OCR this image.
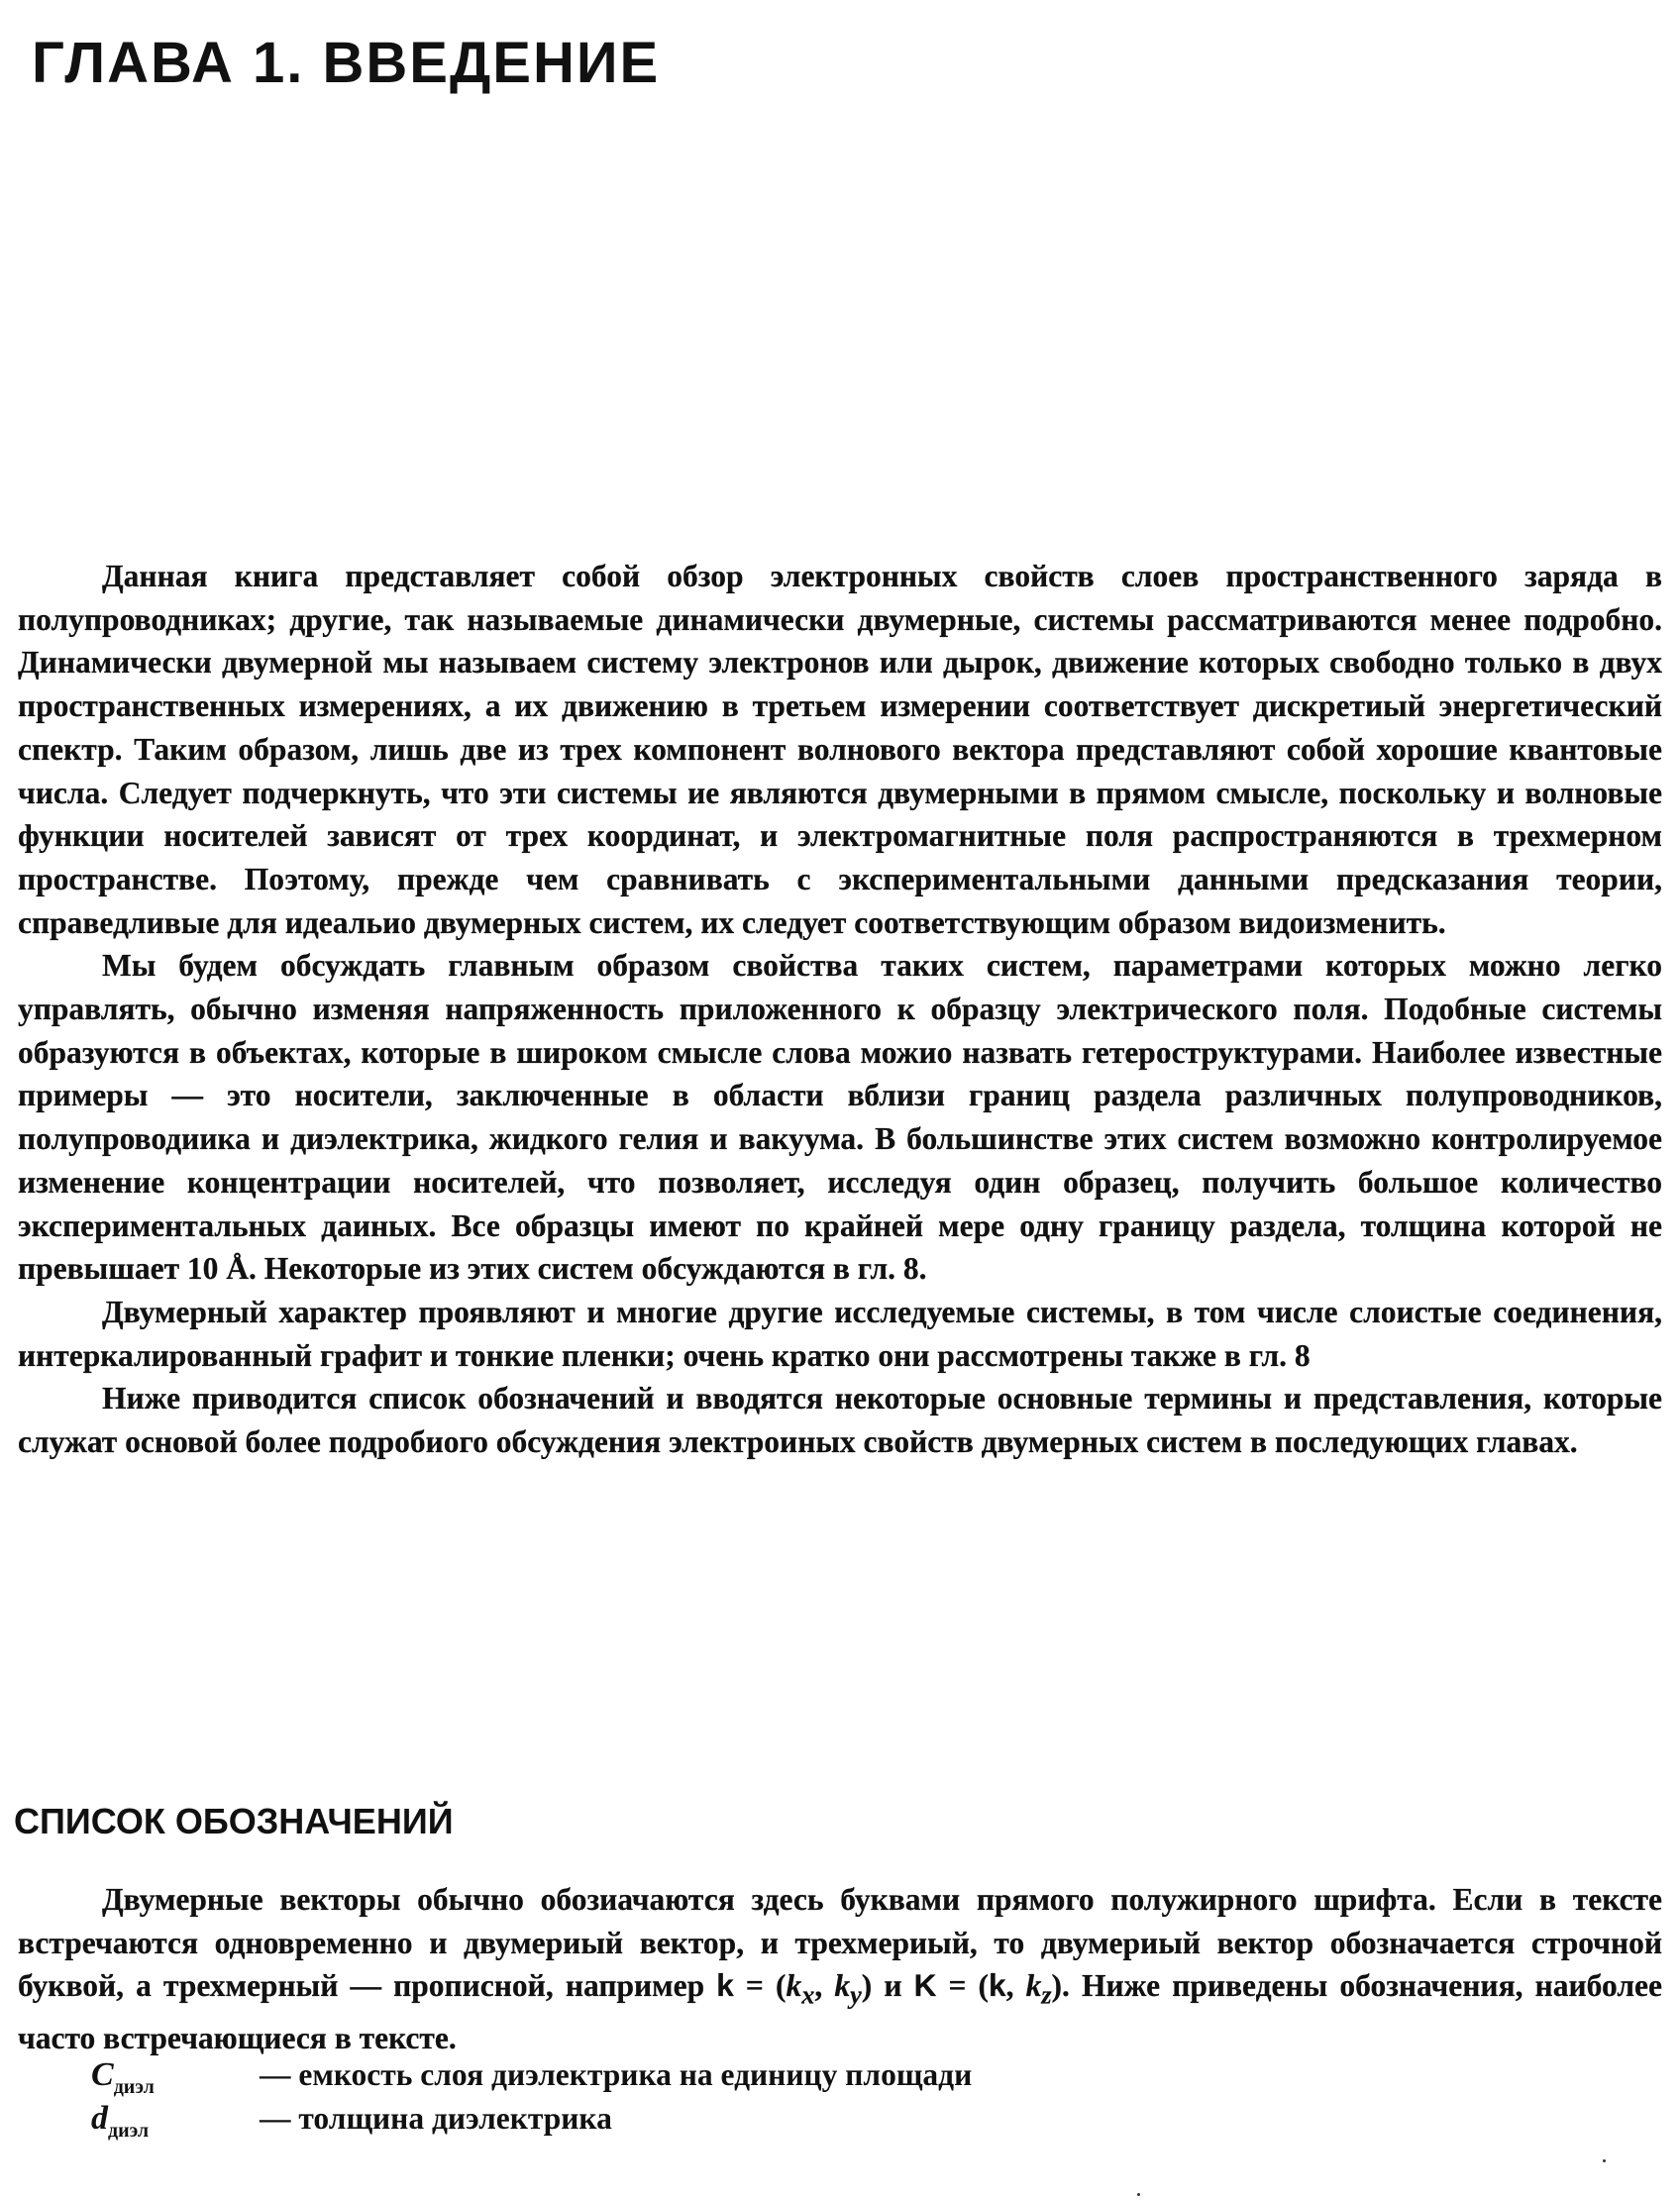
ГЛАВА 1. ВВЕДЕНИЕ

Данная книга представляет собой обзор электронных свойств слоев пространственного заряда в полупроводниках; другие, так называемые динамически двумерные, системы рассматриваются менее подробно. Динамически двумерной мы называем систему электронов или дырок, движение которых свободно только в двух пространственных измерениях, а их движению в третьем измерении соответствует дискретиый энергетический спектр. Таким образом, лишь две из трех компонент волнового вектора представляют собой хорошие квантовые числа. Следует подчеркнуть, что эти системы ие являются двумерными в прямом смысле, поскольку и волновые функции носителей зависят от трех координат, и электромагнитные поля распространяются в трехмерном пространстве. Поэтому, прежде чем сравнивать с экспериментальными данными предсказания теории, справедливые для идеальио двумерных систем, их следует соответствующим образом видоизменить.

Мы будем обсуждать главным образом свойства таких систем, параметрами которых можно легко управлять, обычно изменяя напряженность приложенного к образцу электрического поля. Подобные системы образуются в объектах, которые в широком смысле слова можио назвать гетероструктурами. Наиболее известные примеры — это носители, заключенные в области вблизи границ раздела различных полупроводников, полупроводиика и диэлектрика, жидкого гелия и вакуума. В большинстве этих систем возможно контролируемое изменение концентрации носителей, что позволяет, исследуя один образец, получить большое количество экспериментальных даиных. Все образцы имеют по крайней мере одну границу раздела, толщина которой не превышает 10 Å. Некоторые из этих систем обсуждаются в гл. 8.

Двумерный характер проявляют и многие другие исследуемые системы, в том числе слоистые соединения, интеркалированный графит и тонкие пленки; очень кратко они рассмотрены также в гл. 8

Ниже приводится список обозначений и вводятся некоторые основные термины и представления, которые служат основой более подробиого обсуждения электроиных свойств двумерных систем в последующих главах.

СПИСОК ОБОЗНАЧЕНИЙ

Двумерные векторы обычно обозиачаются здесь буквами прямого полужирного шрифта. Если в тексте встречаются одновременно и двумериый вектор, и трехмериый, то двумериый вектор обозначается строчной буквой, а трехмерный — прописной, например $k = (k_x$, $k_y$) и K = (k, $k_z$). Ниже приведены обозначения, наиболее часто встречающиеся в тексте.

$C_{диэл}$	— емкость слоя диэлектрика на единицу площади
$d_{диэл}$	— толщина диэлектрика
